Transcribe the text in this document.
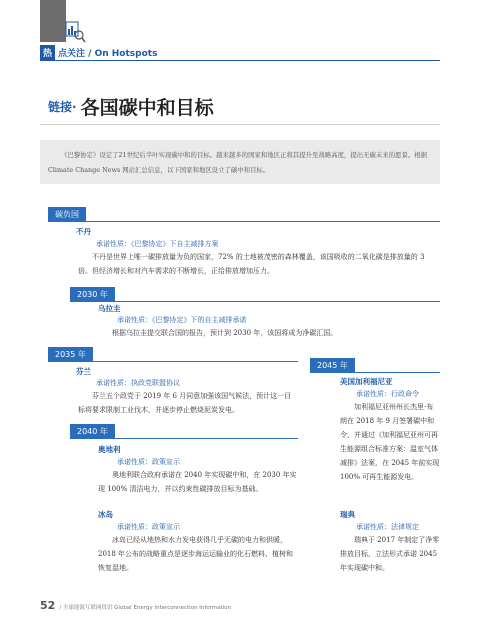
热 点关注 / On Hotspots
链接· 各国碳中和目标

《巴黎协定》设定了21世纪后半叶实现碳中和的目标。越来越多的国家和地区正将其提升至战略高度，提出无碳未来的愿景。根据 Climate Change News 网站汇总信息，以下国家和地区设立了碳中和目标。

碳负国
不丹
承诺性质：《巴黎协定》下自主减排方案
不丹是世界上唯一碳排放量为负的国家，72% 的土地被茂密的森林覆盖，该国吸收的二氧化碳是排放量的 3 倍。但经济增长和对汽车需求的不断增长，正给排放增加压力。
2030 年
乌拉圭
承诺性质：《巴黎协定》下的自主减排承诺
根据乌拉圭提交联合国的报告，预计到 2030 年，该国将成为净碳汇国。
2035 年
芬兰
承诺性质：执政党联盟协议
芬兰五个政党于 2019 年 6 月同意加强该国气候法，预计这一目标将要求限制工业伐木，并逐步停止燃烧泥炭发电。
2040 年
奥地利
承诺性质：政策宣示
奥地利联合政府承诺在 2040 年实现碳中和，在 2030 年实现 100% 清洁电力，并以约束性碳排放目标为基础。
冰岛
承诺性质：政策宣示
冰岛已经从地热和水力发电获得几乎无碳的电力和供暖，2018 年公布的战略重点是逐步海运运输业的化石燃料、植树和恢复湿地。
2045 年
美国加利福尼亚
承诺性质：行政命令
加利福尼亚州州长杰里·布朗在 2018 年 9 月签署碳中和令，并通过《加利福尼亚州可再生能源组合标准方案：温室气体减排》法案，在 2045 年前实现 100% 可再生能源发电。
瑞典
承诺性质：法律规定
瑞典于 2017 年制定了净零排放目标，立法形式承诺 2045 年实现碳中和。
52 / 全球能源互联网资讯 Global Energy Interconnection Information
